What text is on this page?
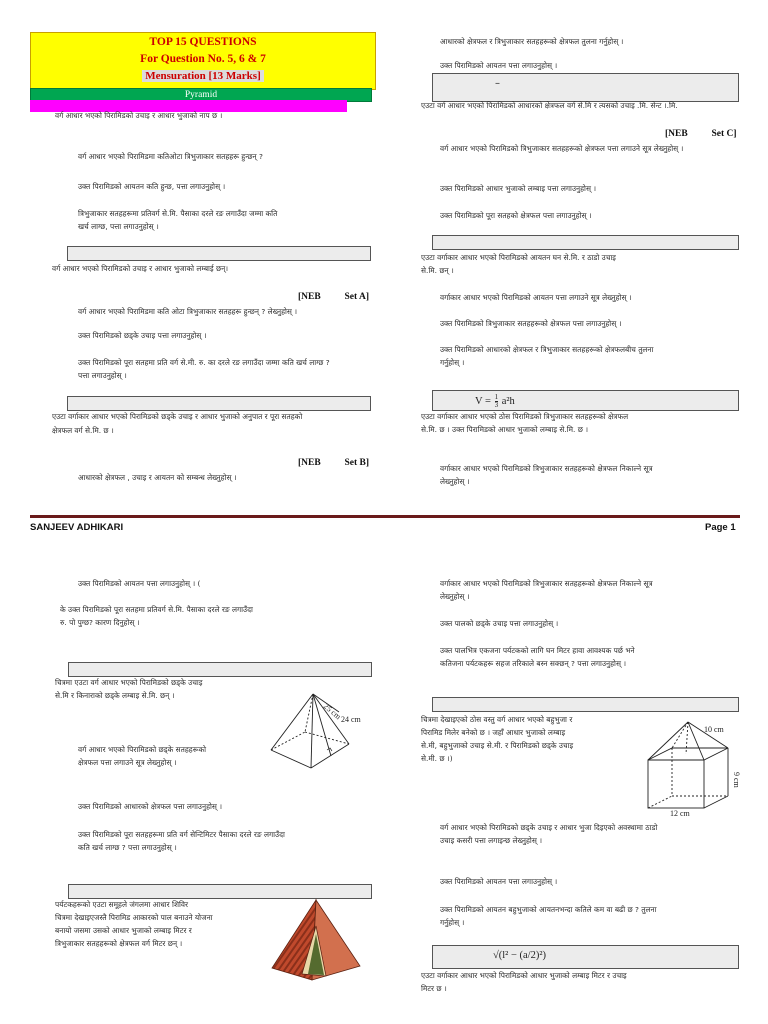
TOP 15 QUESTIONS
For Question No. 5, 6 & 7
Mensuration [13 Marks]
Pyramid
वर्ग आधार भएको पिरामिडको उचाइ र आधार भुजाको नाप छ ।
वर्ग आधार भएको पिरामिडमा कतिओटा त्रिभुजाकार सतहहरू हुन्छन् ?
उक्त पिरामिडको आयतन कति हुन्छ, पत्ता लगाउनुहोस् ।
त्रिभुजाकार सतहहरूमा प्रतिवर्ग से.मि. पैसाका दरले रङ लगाउँदा जम्मा कति
खर्च लाग्छ, पत्ता लगाउनुहोस् ।
वर्ग आधार भएको पिरामिडको उचाइ र आधार भुजाको लम्बाई छन्।
[NEB          Set A]
वर्ग आधार भएको पिरामिडमा कति ओटा त्रिभुजाकार सतहहरू हुन्छन् ? लेख्नुहोस् ।
उक्त पिरामिडको छड्के उचाइ पत्ता लगाउनुहोस् ।
उक्त पिरामिडको पूरा सतहमा प्रति वर्ग से.मी. रु. का दरले रङ लगाउँदा जम्मा कति खर्च लाग्छ ?
पत्ता लगाउनुहोस् ।
एउटा वर्गाकार आधार भएको पिरामिडको छड्के उचाइ र आधार भुजाको अनुपात र पूरा सतहको
क्षेत्रफल वर्ग से.मि. छ ।
[NEB          Set B]
आधारको क्षेत्रफल , उचाइ र आयतन को सम्बन्ध लेख्नुहोस् ।
आधारको क्षेत्रफल र त्रिभुजाकार सतहहरूको क्षेत्रफल तुलना गर्नुहोस् ।
उक्त पिरामिडको आयतन पत्ता लगाउनुहोस् ।
–
एउटा वर्ग आधार भएको पिरामिडको आधारको क्षेत्रफल वर्ग से.मि र त्यसको उचाइ .मि. सेन्ट ।.मि.
[NEB          Set C]
वर्ग आधार भएको पिरामिडको त्रिभुजाकार सतहहरूको क्षेत्रफल पत्ता लगाउने सूत्र लेख्नुहोस् ।
उक्त पिरामिडको आधार भुजाको लम्बाइ पत्ता लगाउनुहोस् ।
उक्त पिरामिडको पूरा सतहको क्षेत्रफल पत्ता लगाउनुहोस् ।
एउटा वर्गाकार आधार भएको पिरामिडको आयतन घन से.मि. र ठाडो उचाइ
से.मि. छन् ।
वर्गाकार आधार भएको पिरामिडको आयतन पत्ता लगाउने सूत्र लेख्नुहोस् ।
उक्त पिरामिडको त्रिभुजाकार सतहहरूको क्षेत्रफल पत्ता लगाउनुहोस् ।
उक्त पिरामिडको आधारको क्षेत्रफल र त्रिभुजाकार सतहहरूको क्षेत्रफलबीच तुलना
गर्नुहोस् ।
$V = \frac{1}{3} a^2h$
एउटा वर्गाकार आधार भएको ठोस पिरामिडको त्रिभुजाकार सतहहरूको क्षेत्रफल
से.मि. छ । उक्त पिरामिडको आधार भुजाको लम्बाइ से.मि. छ ।
वर्गाकार आधार भएको पिरामिडको त्रिभुजाकार सतहहरूको क्षेत्रफल निकाल्ने सूत्र
लेख्नुहोस् ।
SANJEEV ADHIKARI	Page 1
उक्त पिरामिडको आयतन पत्ता लगाउनुहोस् । (
के उक्त पिरामिडको पूरा सतहमा प्रतिवर्ग से.मि. पैसाका दरले रङ लगाउँदा
रु. पो पुग्छ? कारण दिनुहोस् ।
चित्रमा एउटा वर्ग आधार भएको पिरामिडको छड्के उचाइ
से.मि र किनाराको छड्के लम्बाइ से.मि. छन् ।
25 cm
24 cm
वर्ग आधार भएको पिरामिडको छड्के सतहहरूको
क्षेत्रफल पत्ता लगाउने सूत्र लेख्नुहोस् ।
उक्त पिरामिडको आधारको क्षेत्रफल पत्ता लगाउनुहोस् ।
उक्त पिरामिडको पूरा सतहहरूमा प्रति वर्ग सेन्टिमिटर पैसाका दरले रङ लगाउँदा
कति खर्च लाग्छ ? पत्ता लगाउनुहोस् ।
पर्यटकहरूको एउटा समूहले जंगलमा आधार शिविर
चित्रमा देखाइएजस्तै पिरामिड आकारको पाल बनाउने योजना
बनायो जसमा उसको आधार भुजाको लम्बाइ मिटर र
त्रिभुजाकार सतहहरूको क्षेत्रफल वर्ग मिटर छन् ।
वर्गाकार आधार भएको पिरामिडको त्रिभुजाकार सतहहरूको क्षेत्रफल निकाल्ने सूत्र
लेख्नुहोस् ।
उक्त पालको छड्के उचाइ पत्ता लगाउनुहोस् ।
उक्त पालभित्र एकजना पर्यटकको लागि घन मिटर हावा आवश्यक पर्छ भने
कतिजना पर्यटकहरू सहज तरिकाले बस्न सक्छन् ? पत्ता लगाउनुहोस् ।
चित्रमा देखाइएको ठोस वस्तु वर्ग आधार भएको बहुभुजा र
पिरामिड मिलेर बनेको छ । जहाँ आधार भुजाको लम्बाइ
से.मी, बहुभुजाको उचाइ से.मी. र पिरामिडको छड्के उचाइ
से.मी. छ ।)
10 cm
9 cm
12 cm
वर्ग आधार भएको पिरामिडको छड्के उचाइ र आधार भुजा दिइएको अवस्थामा ठाडो
उचाइ कसरी पत्ता लगाइन्छ लेख्नुहोस् ।
उक्त पिरामिडको आयतन पत्ता लगाउनुहोस् ।
उक्त पिरामिडको आयतन बहुभुजाको आयतनभन्दा कतिले कम वा बढी छ ? तुलना
गर्नुहोस् ।
√(l² − (a/2)²)
एउटा वर्गाकार आधार भएको पिरामिडको आधार भुजाको लम्बाइ मिटर र उचाइ
मिटर छ ।
